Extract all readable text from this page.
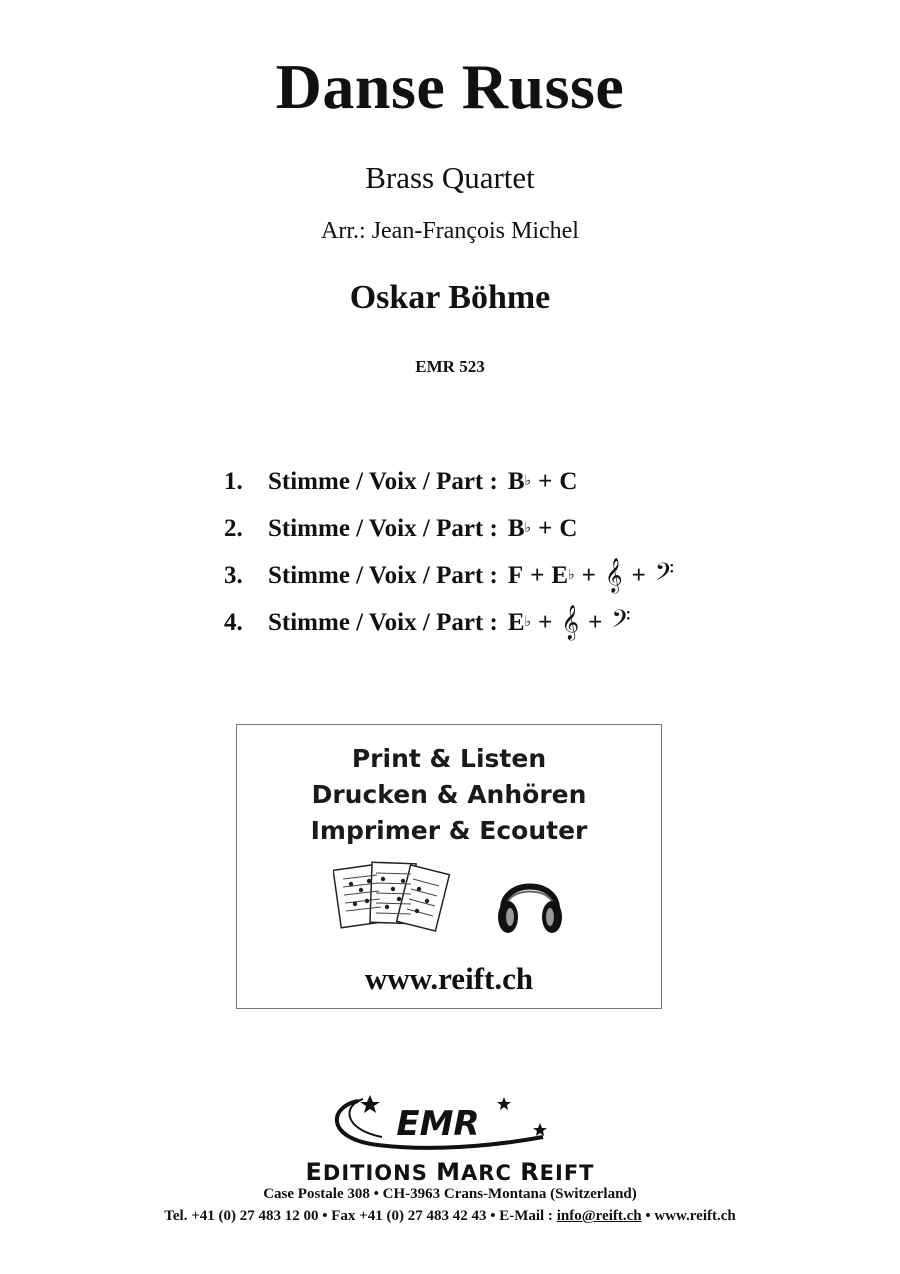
Danse Russe
Brass Quartet
Arr.: Jean-François Michel
Oskar Böhme
EMR 523
1.	Stimme / Voix / Part : B ♭ + C
2.	Stimme / Voix / Part : B ♭ + C
3.	Stimme / Voix / Part : F + E ♭ + 𝄞 + 𝄢
4.	Stimme / Voix / Part : E ♭ + 𝄞 + 𝄢
Print & Listen
Drucken & Anhören
Imprimer & Ecouter
www.reift.ch
EMR
EDITIONS MARC REIFT
Case Postale 308 • CH-3963 Crans-Montana (Switzerland)
Tel. +41 (0) 27 483 12 00 • Fax +41 (0) 27 483 42 43 • E-Mail : info@reift.ch • www.reift.ch
